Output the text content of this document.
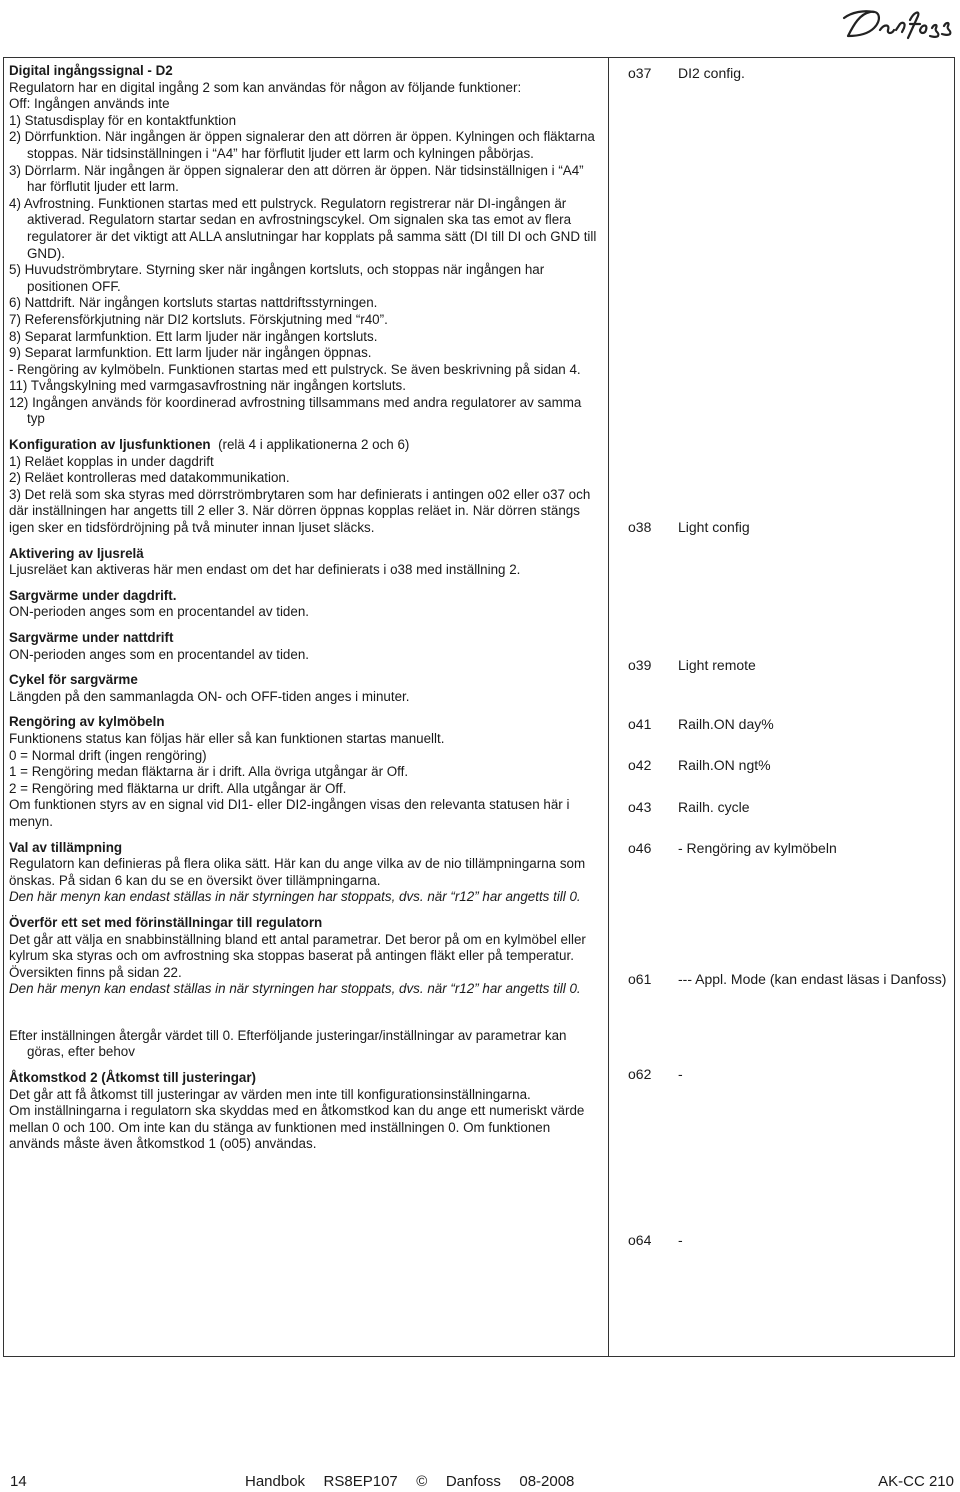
Digital ingångssignal - D2

Regulatorn har en digital ingång 2 som kan användas för någon av följande funktioner:

Off: Ingången används inte

1) Statusdisplay för en kontaktfunktion

2) Dörrfunktion. När ingången är öppen signalerar den att dörren är öppen. Kylningen och fläktarna stoppas. När tidsinställningen i “A4” har förflutit ljuder ett larm och kylningen påbörjas.

3) Dörrlarm. När ingången är öppen signalerar den att dörren är öppen. När tidsinställnigen i “A4” har förflutit ljuder ett larm.

4) Avfrostning. Funktionen startas med ett pulstryck. Regulatorn registrerar när DI-ingången är aktiverad. Regulatorn startar sedan en avfrostningscykel. Om signalen ska tas emot av flera regulatorer är det viktigt att ALLA anslutningar har kopplats på samma sätt (DI till DI och GND till GND).

5) Huvudströmbrytare. Styrning sker när ingången kortsluts, och stoppas när ingången har positionen OFF.

6) Nattdrift. När ingången kortsluts startas nattdriftsstyrningen.

7) Referensförkjutning när DI2 kortsluts. Förskjutning med “r40”.

8) Separat larmfunktion. Ett larm ljuder när ingången kortsluts.

9) Separat larmfunktion. Ett larm ljuder när ingången öppnas.

- Rengöring av kylmöbeln. Funktionen startas med ett pulstryck. Se även beskrivning på sidan 4.

11) Tvångskylning med varmgasavfrostning när ingången kortsluts.

12) Ingången används för koordinerad avfrostning tillsammans med andra regulatorer av samma typ

Konfiguration av ljusfunktionen (relä 4 i applikationerna 2 och 6)

1) Reläet kopplas in under dagdrift

2) Reläet kontrolleras med datakommunikation.

3) Det relä som ska styras med dörrströmbrytaren som har definierats i antingen o02 eller o37 och där inställningen har angetts till 2 eller 3. När dörren öppnas kopplas reläet in. När dörren stängs igen sker en tidsfördröjning på två minuter innan ljuset släcks.

Aktivering av ljusrelä

Ljusreläet kan aktiveras här men endast om det har definierats i o38 med inställning 2.

Sargvärme under dagdrift.

ON-perioden anges som en procentandel av tiden.

Sargvärme under nattdrift

ON-perioden anges som en procentandel av tiden.

Cykel för sargvärme

Längden på den sammanlagda ON- och OFF-tiden anges i minuter.

Rengöring av kylmöbeln

Funktionens status kan följas här eller så kan funktionen startas manuellt.

0 = Normal drift (ingen rengöring)

1 = Rengöring medan fläktarna är i drift. Alla övriga utgångar är Off.

2 = Rengöring med fläktarna ur drift. Alla utgångar är Off.

Om funktionen styrs av en signal vid DI1- eller DI2-ingången visas den relevanta statusen här i menyn.

Val av tillämpning

Regulatorn kan definieras på flera olika sätt. Här kan du ange vilka av de nio tillämpningarna som önskas. På sidan 6 kan du se en översikt över tillämpningarna.

Den här menyn kan endast ställas in när styrningen har stoppats, dvs. när “r12” har angetts till 0.

Överför ett set med förinställningar till regulatorn

Det går att välja en snabbinställning bland ett antal parametrar. Det beror på om en kylmöbel eller kylrum ska styras och om avfrostning ska stoppas baserat på antingen fläkt eller på temperatur. Översikten finns på sidan 22.

Den här menyn kan endast ställas in när styrningen har stoppats, dvs. när “r12” har angetts till 0.

Efter inställningen återgår värdet till 0. Efterföljande justeringar/inställningar av parametrar kan göras, efter behov

Åtkomstkod 2 (Åtkomst till justeringar)

Det går att få åtkomst till justeringar av värden men inte till konfigurationsinställningarna.

Om inställningarna i regulatorn ska skyddas med en åtkomstkod kan du ange ett numeriskt värde mellan 0 och 100. Om inte kan du stänga av funktionen med inställningen 0. Om funktionen används måste även åtkomstkod 1 (o05) användas.

o37	DI2 config.
o38	Light config
o39	Light remote
o41	Railh.ON day%
o42	Railh.ON ngt%
o43	Railh. cycle
o46	- Rengöring av kylmöbeln
o61	--- Appl. Mode (kan endast läsas i Danfoss)
o62	-
o64	-
14	Handbok   RS8EP107   ©   Danfoss   08-2008	AK-CC 210
